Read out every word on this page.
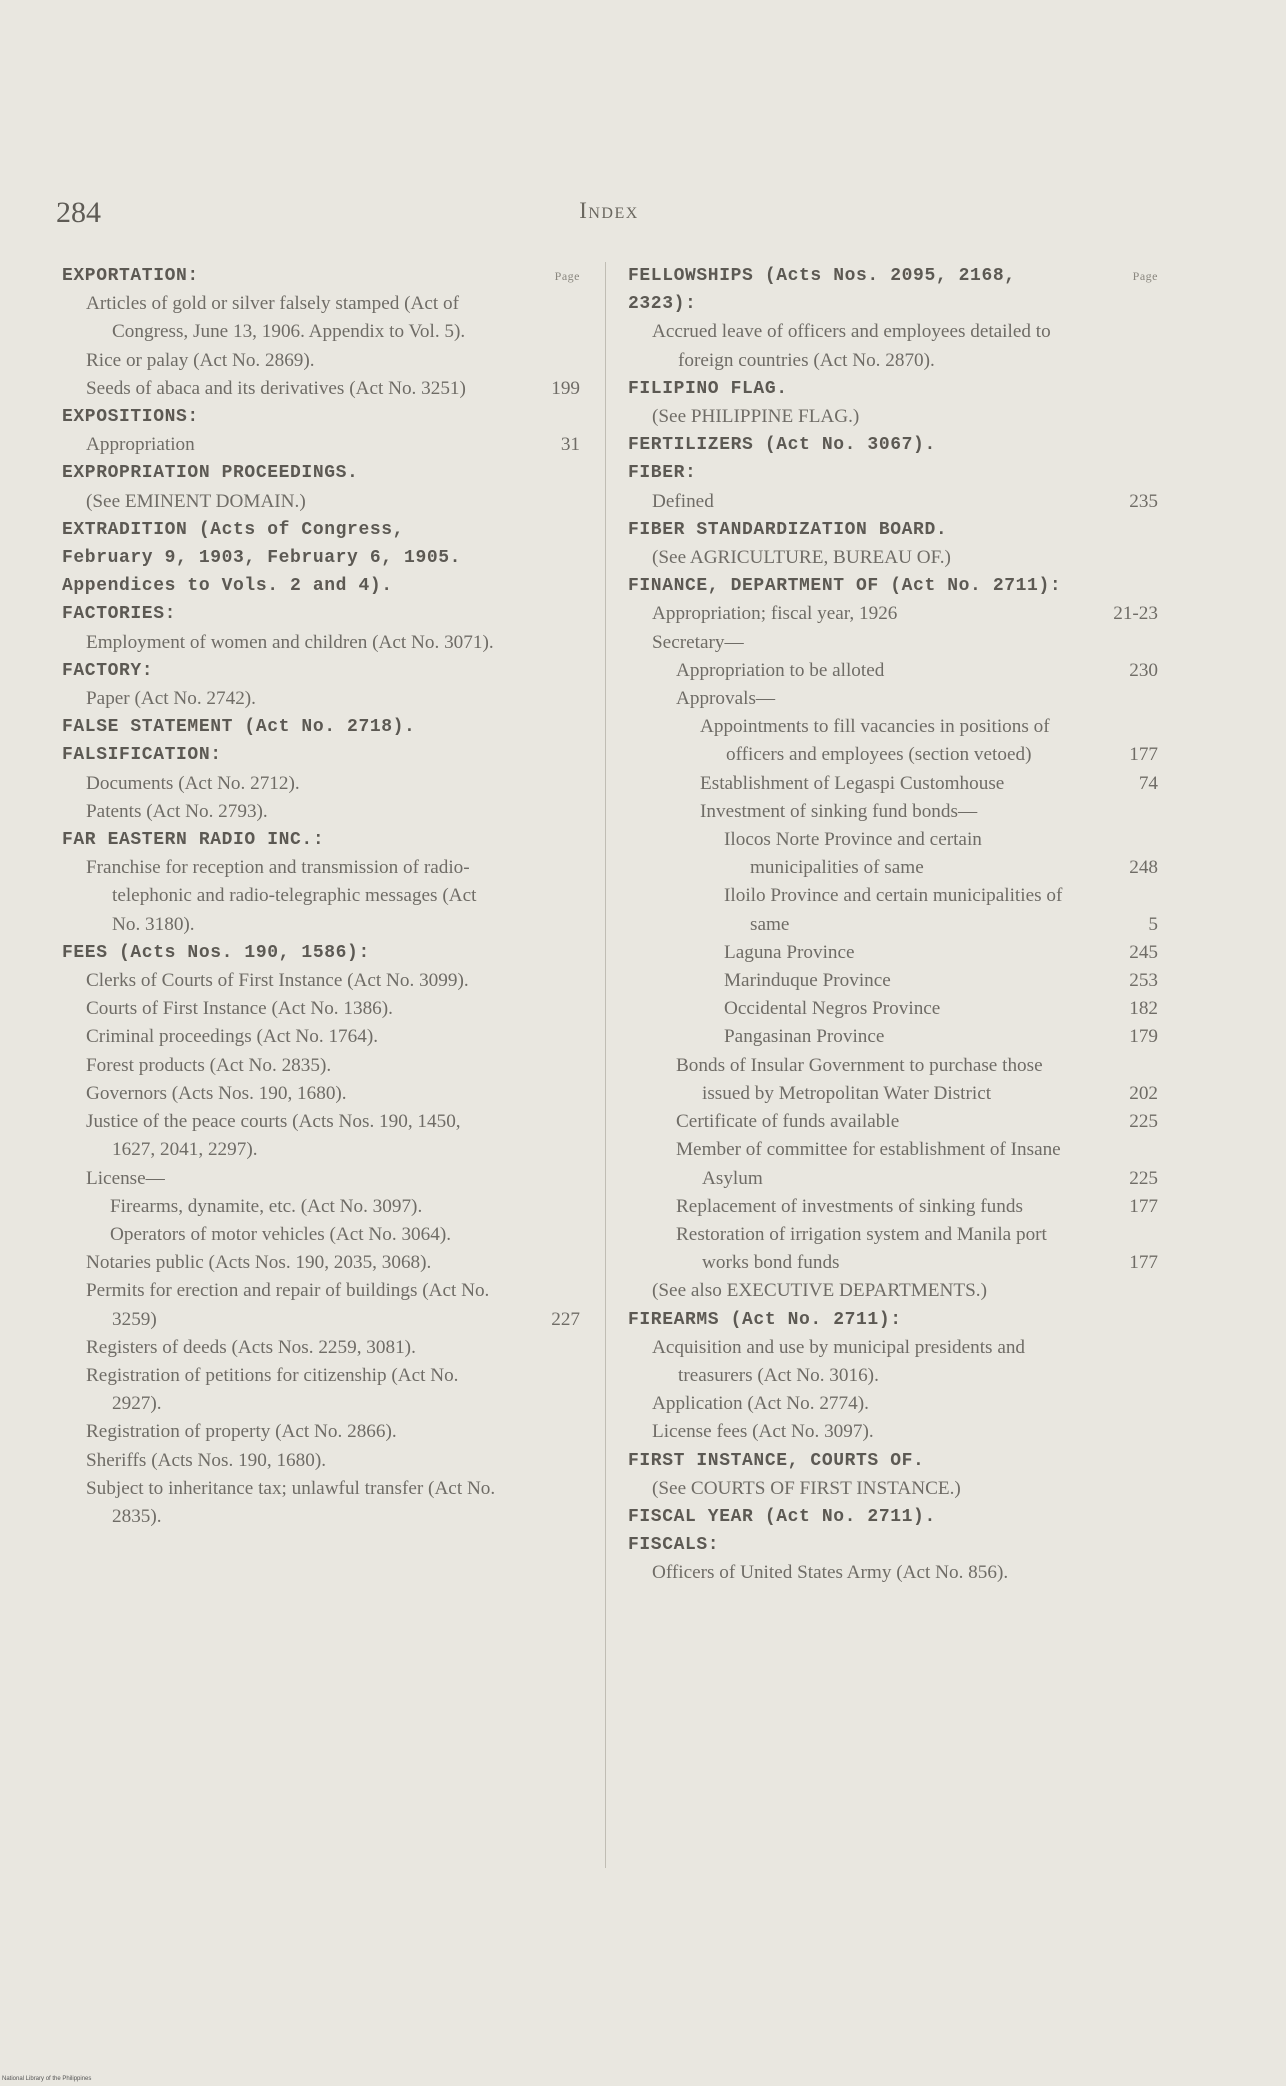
284	Index
Page
EXPORTATION:
Articles of gold or silver falsely stamped (Act of Congress, June 13, 1906. Appendix to Vol. 5).
Rice or palay (Act No. 2869).
Seeds of abaca and its derivatives (Act No. 3251)	199
EXPOSITIONS:
Appropriation	31
EXPROPRIATION PROCEEDINGS.
(See EMINENT DOMAIN.)
EXTRADITION (Acts of Congress, February 9, 1903, February 6, 1905. Appendices to Vols. 2 and 4).
FACTORIES:
Employment of women and children (Act No. 3071).
FACTORY:
Paper (Act No. 2742).
FALSE STATEMENT (Act No. 2718).
FALSIFICATION:
Documents (Act No. 2712).
Patents (Act No. 2793).
FAR EASTERN RADIO INC.:
Franchise for reception and transmission of radio-telephonic and radio-telegraphic messages (Act No. 3180).
FEES (Acts Nos. 190, 1586):
Clerks of Courts of First Instance (Act No. 3099).
Courts of First Instance (Act No. 1386).
Criminal proceedings (Act No. 1764).
Forest products (Act No. 2835).
Governors (Acts Nos. 190, 1680).
Justice of the peace courts (Acts Nos. 190, 1450, 1627, 2041, 2297).
License—
Firearms, dynamite, etc. (Act No. 3097).
Operators of motor vehicles (Act No. 3064).
Notaries public (Acts Nos. 190, 2035, 3068).
Permits for erection and repair of buildings (Act No. 3259)	227
Registers of deeds (Acts Nos. 2259, 3081).
Registration of petitions for citizenship (Act No. 2927).
Registration of property (Act No. 2866).
Sheriffs (Acts Nos. 190, 1680).
Subject to inheritance tax; unlawful transfer (Act No. 2835).
Page
FELLOWSHIPS (Acts Nos. 2095, 2168, 2323):
Accrued leave of officers and employees detailed to foreign countries (Act No. 2870).
FILIPINO FLAG.
(See PHILIPPINE FLAG.)
FERTILIZERS (Act No. 3067).
FIBER:
Defined	235
FIBER STANDARDIZATION BOARD.
(See AGRICULTURE, BUREAU OF.)
FINANCE, DEPARTMENT OF (Act No. 2711):
Appropriation; fiscal year, 1926	21-23
Secretary—
Appropriation to be alloted	230
Approvals—
Appointments to fill vacancies in positions of officers and employees (section vetoed)	177
Establishment of Legaspi Customhouse	74
Investment of sinking fund bonds—
Ilocos Norte Province and certain municipalities of same	248
Iloilo Province and certain municipalities of same	5
Laguna Province	245
Marinduque Province	253
Occidental Negros Province	182
Pangasinan Province	179
Bonds of Insular Government to purchase those issued by Metropolitan Water District	202
Certificate of funds available	225
Member of committee for establishment of Insane Asylum	225
Replacement of investments of sinking funds	177
Restoration of irrigation system and Manila port works bond funds	177
(See also EXECUTIVE DEPARTMENTS.)
FIREARMS (Act No. 2711):
Acquisition and use by municipal presidents and treasurers (Act No. 3016).
Application (Act No. 2774).
License fees (Act No. 3097).
FIRST INSTANCE, COURTS OF.
(See COURTS OF FIRST INSTANCE.)
FISCAL YEAR (Act No. 2711).
FISCALS:
Officers of United States Army (Act No. 856).
National Library of the Philippines
